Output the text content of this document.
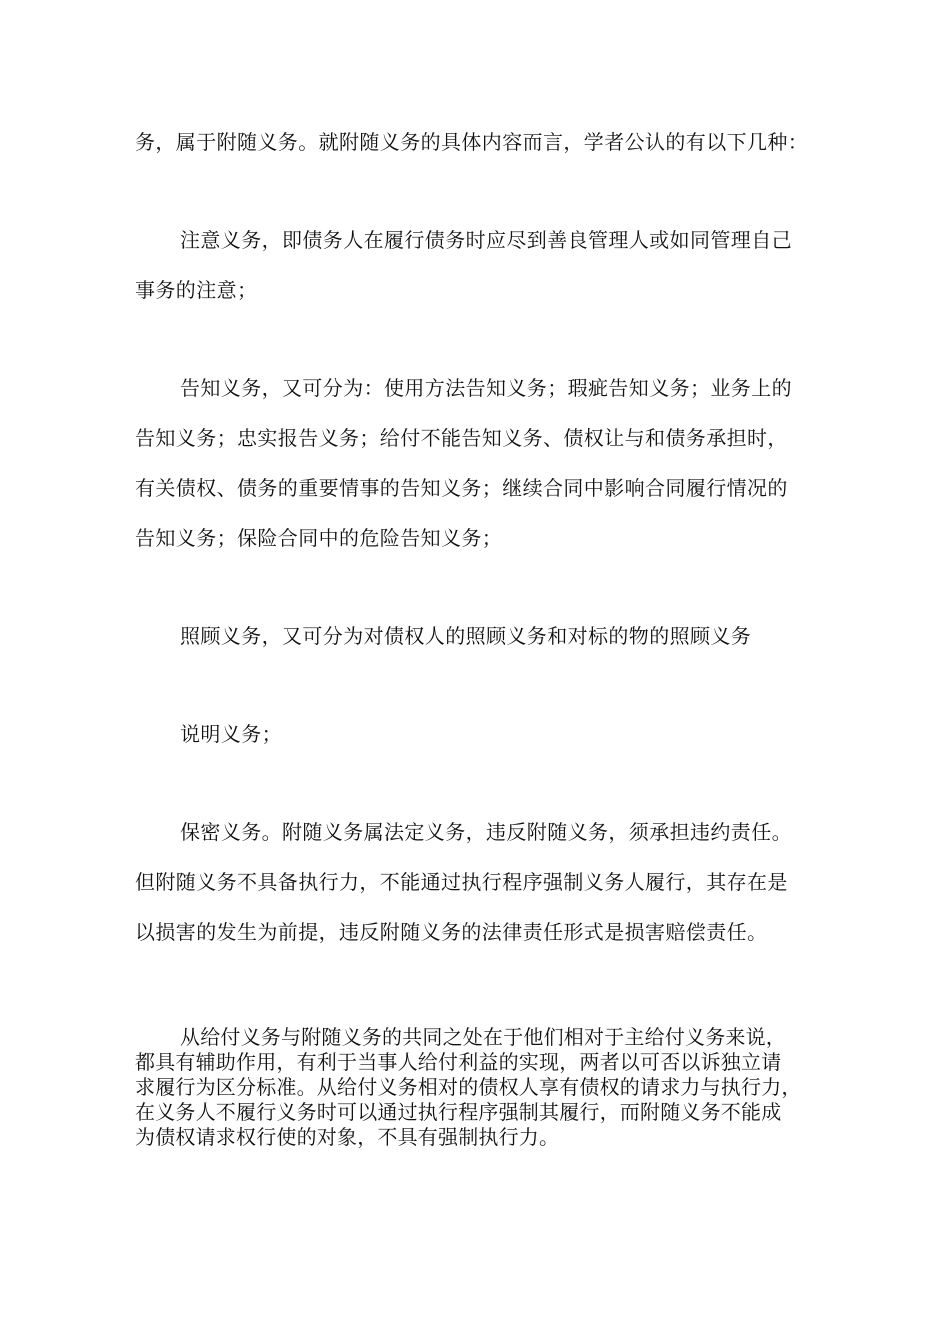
务，属于附随义务。就附随义务的具体内容而言，学者公认的有以下几种：
注意义务，即债务人在履行债务时应尽到善良管理人或如同管理自己
事务的注意；
告知义务，又可分为：使用方法告知义务；瑕疵告知义务；业务上的
告知义务；忠实报告义务；给付不能告知义务、债权让与和债务承担时，
有关债权、债务的重要情事的告知义务；继续合同中影响合同履行情况的
告知义务；保险合同中的危险告知义务；
照顾义务，又可分为对债权人的照顾义务和对标的物的照顾义务
说明义务；
保密义务。附随义务属法定义务，违反附随义务，须承担违约责任。
但附随义务不具备执行力，不能通过执行程序强制义务人履行，其存在是
以损害的发生为前提，违反附随义务的法律责任形式是损害赔偿责任。
从给付义务与附随义务的共同之处在于他们相对于主给付义务来说，
都具有辅助作用，有利于当事人给付利益的实现，两者以可否以诉独立请
求履行为区分标准。从给付义务相对的债权人享有债权的请求力与执行力，
在义务人不履行义务时可以通过执行程序强制其履行，而附随义务不能成
为债权请求权行使的对象，不具有强制执行力。
